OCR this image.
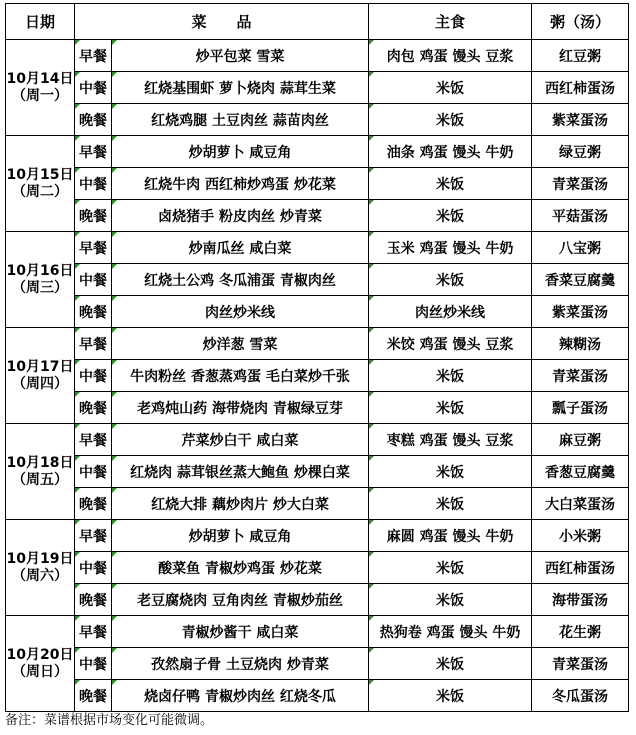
日期	菜　　品		主食	粥（汤）

10月14日
（周一）	早餐	炒平包菜 雪菜	肉包 鸡蛋 馒头 豆浆	红豆粥
	中餐	红烧基围虾 萝卜烧肉 蒜茸生菜	米饭	西红柿蛋汤
	晚餐	红烧鸡腿 土豆肉丝 蒜苗肉丝	米饭	紫菜蛋汤

10月15日
（周二）	早餐	炒胡萝卜 咸豆角	油条 鸡蛋 馒头 牛奶	绿豆粥
	中餐	红烧牛肉 西红柿炒鸡蛋 炒花菜	米饭	青菜蛋汤
	晚餐	卤烧猪手 粉皮肉丝 炒青菜	米饭	平菇蛋汤

10月16日
（周三）	早餐	炒南瓜丝 咸白菜	玉米 鸡蛋 馒头 牛奶	八宝粥
	中餐	红烧土公鸡 冬瓜浦蛋 青椒肉丝	米饭	香菜豆腐羹
	晚餐	肉丝炒米线	肉丝炒米线	紫菜蛋汤

10月17日
（周四）	早餐	炒洋葱 雪菜	米饺 鸡蛋 馒头 豆浆	辣糊汤
	中餐	牛肉粉丝 香葱蒸鸡蛋 毛白菜炒千张	米饭	青菜蛋汤
	晚餐	老鸡炖山药 海带烧肉 青椒绿豆芽	米饭	瓢子蛋汤

10月18日
（周五）	早餐	芹菜炒白干 咸白菜	枣糕 鸡蛋 馒头 豆浆	麻豆粥
	中餐	红烧肉 蒜茸银丝蒸大鲍鱼 炒棵白菜	米饭	香葱豆腐羹
	晚餐	红烧大排 藕炒肉片 炒大白菜	米饭	大白菜蛋汤

10月19日
（周六）	早餐	炒胡萝卜 咸豆角	麻圆 鸡蛋 馒头 牛奶	小米粥
	中餐	酸菜鱼 青椒炒鸡蛋 炒花菜	米饭	西红柿蛋汤
	晚餐	老豆腐烧肉 豆角肉丝 青椒炒茄丝	米饭	海带蛋汤

10月20日
（周日）	早餐	青椒炒酱干 咸白菜	热狗卷 鸡蛋 馒头 牛奶	花生粥
	中餐	孜然扇子骨 土豆烧肉 炒青菜	米饭	青菜蛋汤
	晚餐	烧卤仔鸭 青椒炒肉丝 红烧冬瓜	米饭	冬瓜蛋汤
备注：菜谱根据市场变化可能微调。
